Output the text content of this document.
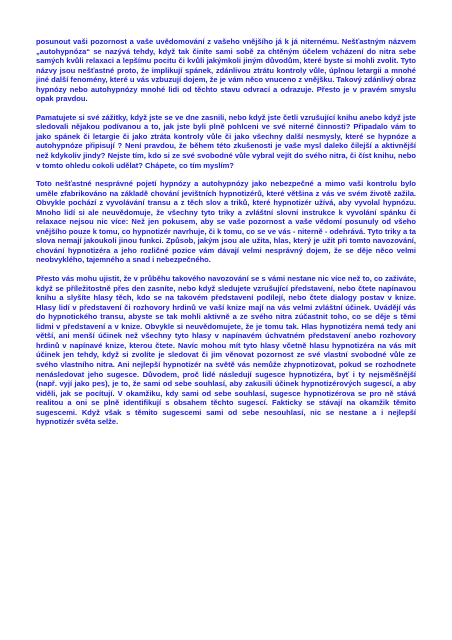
posunout vaši pozornost a vaše uvědomování z vašeho vnějšího já k já niternému. Nešťastným názvem „autohypnóza“ se nazývá tehdy, když tak činíte sami sobě za chtěným účelem vcházení do nitra sebe samých kvůli relaxaci a lepšímu pocitu či kvůli jakýmkoli jiným důvodům, které byste si mohli zvolit. Tyto názvy jsou nešťastné proto, že implikují spánek, zdánlivou ztrátu kontroly vůle, úplnou letargii a mnohé jiné další fenomény, které u vás vzbuzují dojem, že je vám něco vnuceno z vnějšku. Takový zdánlivý obraz hypnózy nebo autohypnózy mnohé lidi od těchto stavu odvrací a odrazuje. Přesto je v pravém smyslu opak pravdou.

Pamatujete si své zážitky, když jste se ve dne zasnili, nebo když jste četli vzrušující knihu anebo když jste sledovali nějakou podívanou a to, jak jste byli plně pohlceni ve své niterné činnosti? Připadalo vám to jako spánek či letargie či jako ztráta kontroly vůle či jako všechny další nesmysly, které se hypnóze a autohypnóze připisují ? Není pravdou, že během této zkušenosti je vaše mysl daleko čilejší a aktivnější než kdykoliv jindy? Nejste tím, kdo si ze své svobodné vůle vybral vejít do svého nitra, či číst knihu, nebo v tomto ohledu cokoli udělat? Chápete, co tím myslím?

Toto nešťastné nesprávné pojetí hypnózy a autohypnózy jako nebezpečné a mimo vaši kontrolu bylo uměle zfabrikováno na základě chování jevištních hypnotizérů, které většina z vás ve svém životě zažila. Obvykle pochází z vyvolávání transu a z těch slov a triků, které hypnotizér užívá, aby vyvolal hypnózu. Mnoho lidí si ale neuvědomuje, že všechny tyto triky a zvláštní slovní instrukce k vyvolání spánku či relaxace nejsou nic více: Než jen pokusem, aby se vaše pozornost a vaše vědomí posunuly od všeho vnějšího pouze k tomu, co hypnotizér navrhuje, či k tomu, co se ve vás - niterně - odehrává. Tyto triky a ta slova nemají jakoukoli jinou funkci. Způsob, jakým jsou ale užita, hlas, který je užit při tomto navozování, chování hypnotizéra a jeho rozličné pozice vám dávají velmi nesprávný dojem, že se děje něco velmi neobvyklého, tajemného a snad i nebezpečného.

Přesto vás mohu ujistit, že v průběhu takového navozování se s vámi nestane nic více než to, co zaživáte, když se příležitostně přes den zasníte, nebo když sledujete vzrušující představení, nebo čtete napínavou knihu a slyšíte hlasy těch, kdo se na takovém představení podílejí, nebo čtete dialogy postav v knize. Hlasy lidí v představení či rozhovory hrdinů ve vaší knize mají na vás velmi zvláštní účinek. Uvádějí vás do hypnotického transu, abyste se tak mohli aktivně a ze svého nitra zúčastnit toho, co se děje s těmi lidmi v představení a v knize. Obvykle si neuvědomujete, že je tomu tak. Hlas hypnotizéra nemá tedy ani větší, ani menší účinek než všechny tyto hlasy v napínavém úchvatném představení anebo rozhovory hrdinů v napínavé knize, kterou čtete. Navíc mohou mít tyto hlasy včetně hlasu hypnotizéra na vás mít účinek jen tehdy, když si zvolíte je sledovat či jim věnovat pozornost ze své vlastní svobodné vůle ze svého vlastního nitra. Ani nejlepší hypnotizér na světě vás nemůže zhypnotizovat, pokud se rozhodnete nenásledovat jeho sugesce. Důvodem, proč lidé následují sugesce hypnotizéra, byť i ty nejsměšnější (např. vyjí jako pes), je to, že sami od sebe souhlasí, aby zakusili účinek hypnotizérových sugescí, a aby viděli, jak se pocítují. V okamžiku, kdy sami od sebe souhlasí, sugesce hypnotizérova se pro ně stává realitou a oni se plně identifikují s obsahem těchto sugescí. Fakticky se stávají na okamžik těmito sugescemi. Když však s těmito sugescemi sami od sebe nesouhlasí, nic se nestane a i nejlepší hypnotizér světa selže.
